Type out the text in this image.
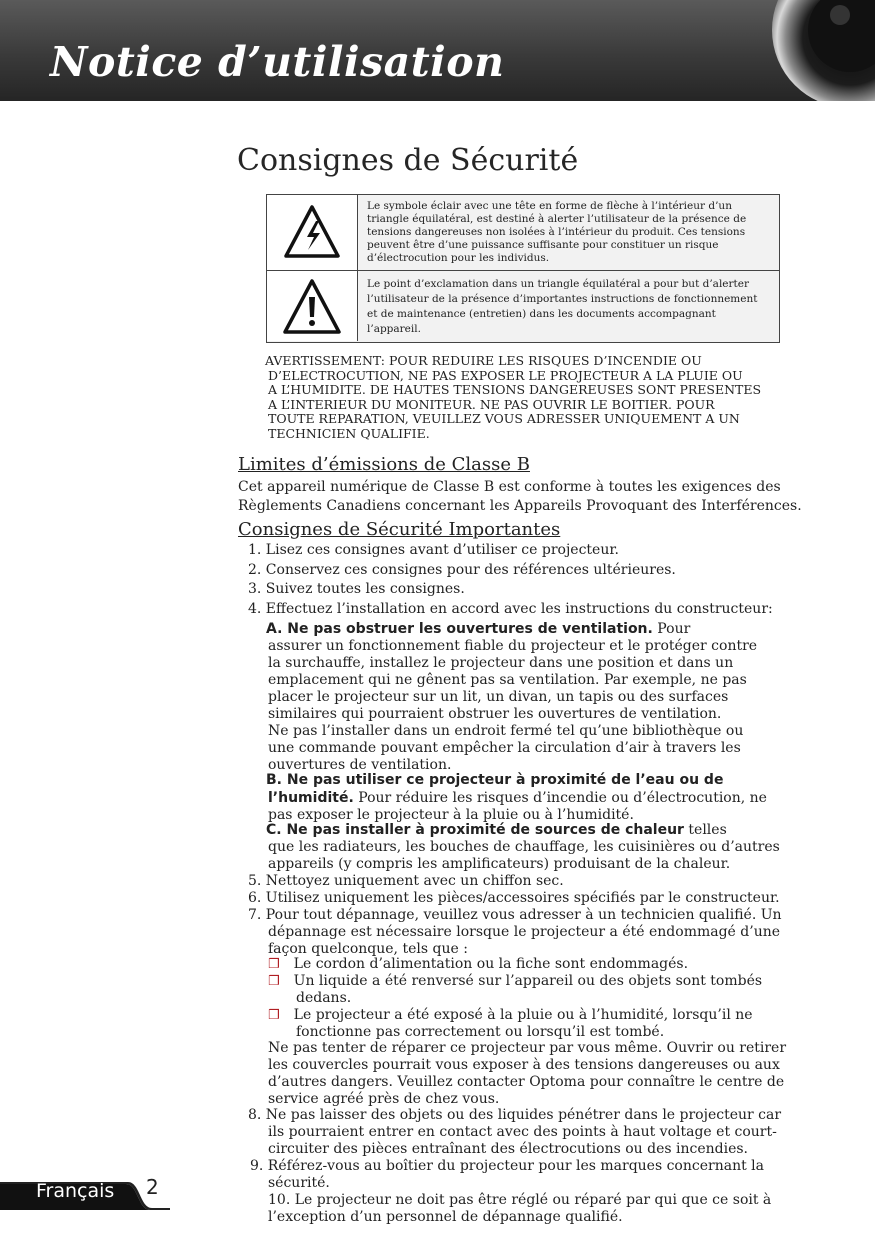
Notice d’utilisation
Consignes de Sécurité
Le symbole éclair avec une tête en forme de flèche à l’intérieur d’un
triangle équilatéral, est destiné à alerter l’utilisateur de la présence de
tensions dangereuses non isolées à l’intérieur du produit. Ces tensions
peuvent être d’une puissance suffisante pour constituer un risque
d’électrocution pour les individus.
Le point d’exclamation dans un triangle équilatéral a pour but d’alerter
l’utilisateur de la présence d’importantes instructions de fonctionnement
et de maintenance (entretien) dans les documents accompagnant
l’appareil.
AVERTISSEMENT: POUR REDUIRE LES RISQUES D’INCENDIE OU
D’ELECTROCUTION, NE PAS EXPOSER LE PROJECTEUR A LA PLUIE OU
A L’HUMIDITE. DE HAUTES TENSIONS DANGEREUSES SONT PRESENTES
A L’INTERIEUR DU MONITEUR. NE PAS OUVRIR LE BOITIER. POUR
TOUTE REPARATION, VEUILLEZ VOUS ADRESSER UNIQUEMENT A UN
TECHNICIEN QUALIFIE.
Limites d’émissions de Classe B
Cet appareil numérique de Classe B est conforme à toutes les exigences des
Règlements Canadiens concernant les Appareils Provoquant des Interférences.
Consignes de Sécurité Importantes
1. Lisez ces consignes avant d’utiliser ce projecteur.
2. Conservez ces consignes pour des références ultérieures.
3. Suivez toutes les consignes.
4. Effectuez l’installation en accord avec les instructions du constructeur:
A. Ne pas obstruer les ouvertures de ventilation. Pour
assurer un fonctionnement fiable du projecteur et le protéger contre
la surchauffe, installez le projecteur dans une position et dans un
emplacement qui ne gênent pas sa ventilation. Par exemple, ne pas
placer le projecteur sur un lit, un divan, un tapis ou des surfaces
similaires qui pourraient obstruer les ouvertures de ventilation.
Ne pas l’installer dans un endroit fermé tel qu’une bibliothèque ou
une commande pouvant empêcher la circulation d’air à travers les
ouvertures de ventilation.
B. Ne pas utiliser ce projecteur à proximité de l’eau ou de
l’humidité. Pour réduire les risques d’incendie ou d’électrocution, ne
pas exposer le projecteur à la pluie ou à l’humidité.
C. Ne pas installer à proximité de sources de chaleur telles
que les radiateurs, les bouches de chauffage, les cuisinières ou d’autres
appareils (y compris les amplificateurs) produisant de la chaleur.
5. Nettoyez uniquement avec un chiffon sec.
6. Utilisez uniquement les pièces/accessoires spécifiés par le constructeur.
7. Pour tout dépannage, veuillez vous adresser à un technicien qualifié. Un
dépannage est nécessaire lorsque le projecteur a été endommagé d’une
façon quelconque, tels que :
❒ Le cordon d’alimentation ou la fiche sont endommagés.
❒ Un liquide a été renversé sur l’appareil ou des objets sont tombés
dedans.
❒ Le projecteur a été exposé à la pluie ou à l’humidité, lorsqu’il ne
fonctionne pas correctement ou lorsqu’il est tombé.
Ne pas tenter de réparer ce projecteur par vous même. Ouvrir ou retirer
les couvercles pourrait vous exposer à des tensions dangereuses ou aux
d’autres dangers. Veuillez contacter Optoma pour connaître le centre de
service agréé près de chez vous.
8. Ne pas laisser des objets ou des liquides pénétrer dans le projecteur car
ils pourraient entrer en contact avec des points à haut voltage et court-
circuiter des pièces entraînant des électrocutions ou des incendies.
9. Référez-vous au boîtier du projecteur pour les marques concernant la
sécurité.
10. Le projecteur ne doit pas être réglé ou réparé par qui que ce soit à
l’exception d’un personnel de dépannage qualifié.
Français 2
